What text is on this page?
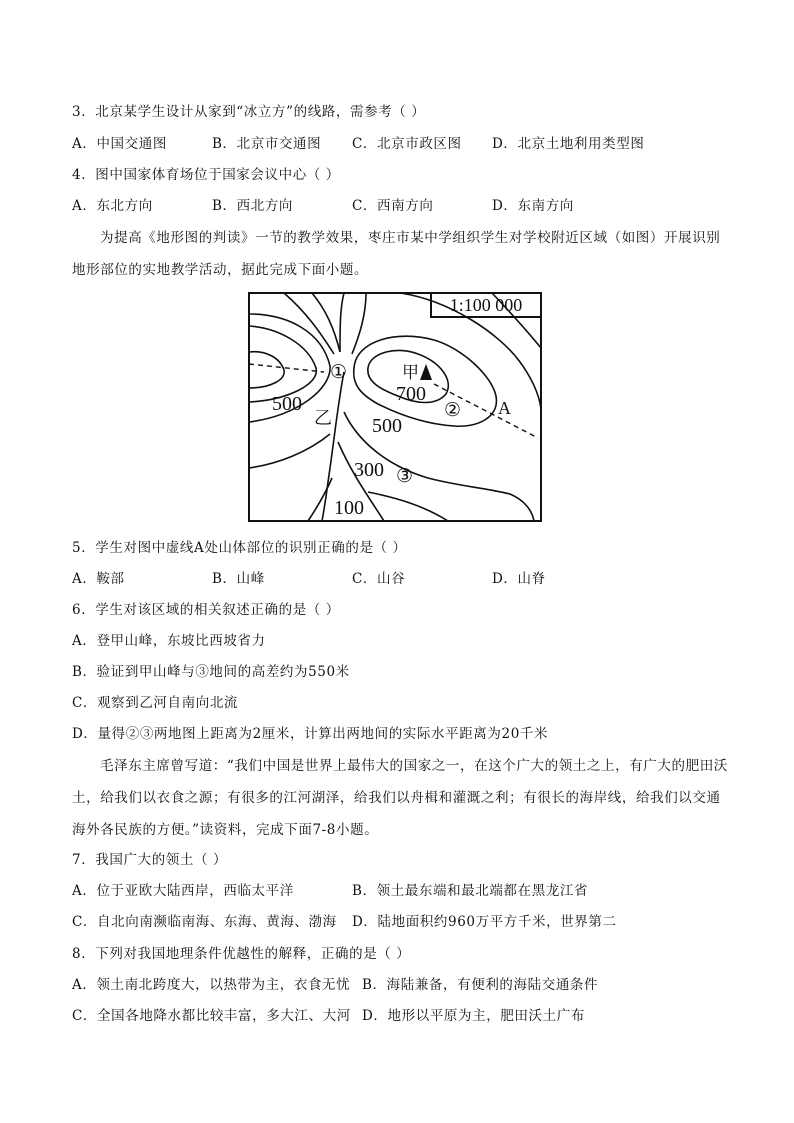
3．北京某学生设计从家到“冰立方”的线路，需参考（ ）
A．中国交通图	B．北京市交通图 C．北京市政区图 D．北京土地利用类型图
4．图中国家体育场位于国家会议中心（ ）
A．东北方向	B．西北方向	C．西南方向	D．东南方向
为提高《地形图的判读》一节的教学效果，枣庄市某中学组织学生对学校附近区域（如图）开展识别地形部位的实地教学活动，据此完成下面小题。
1:100 000
500	700
500
300
100
甲
乙	A
①
②
③
5．学生对图中虚线A处山体部位的识别正确的是（ ）
A．鞍部	B．山峰	C．山谷	D．山脊
6．学生对该区域的相关叙述正确的是（ ）
A．登甲山峰，东坡比西坡省力
B．验证到甲山峰与③地间的高差约为550米
C．观察到乙河自南向北流
D．量得②③两地图上距离为2厘米，计算出两地间的实际水平距离为20千米
毛泽东主席曾写道：“我们中国是世界上最伟大的国家之一，在这个广大的领土之上，有广大的肥田沃土，给我们以衣食之源；有很多的江河湖泽，给我们以舟楫和灌溉之利；有很长的海岸线，给我们以交通海外各民族的方便。”读资料，完成下面7-8小题。
7．我国广大的领土（ ）
A．位于亚欧大陆西岸，西临太平洋	B．领土最东端和最北端都在黑龙江省
C．自北向南濒临南海、东海、黄海、渤海 D．陆地面积约960万平方千米，世界第二
8．下列对我国地理条件优越性的解释，正确的是（ ）
A．领土南北跨度大，以热带为主，衣食无忧 B．海陆兼备，有便利的海陆交通条件
C．全国各地降水都比较丰富，多大江、大河 D．地形以平原为主，肥田沃土广布
